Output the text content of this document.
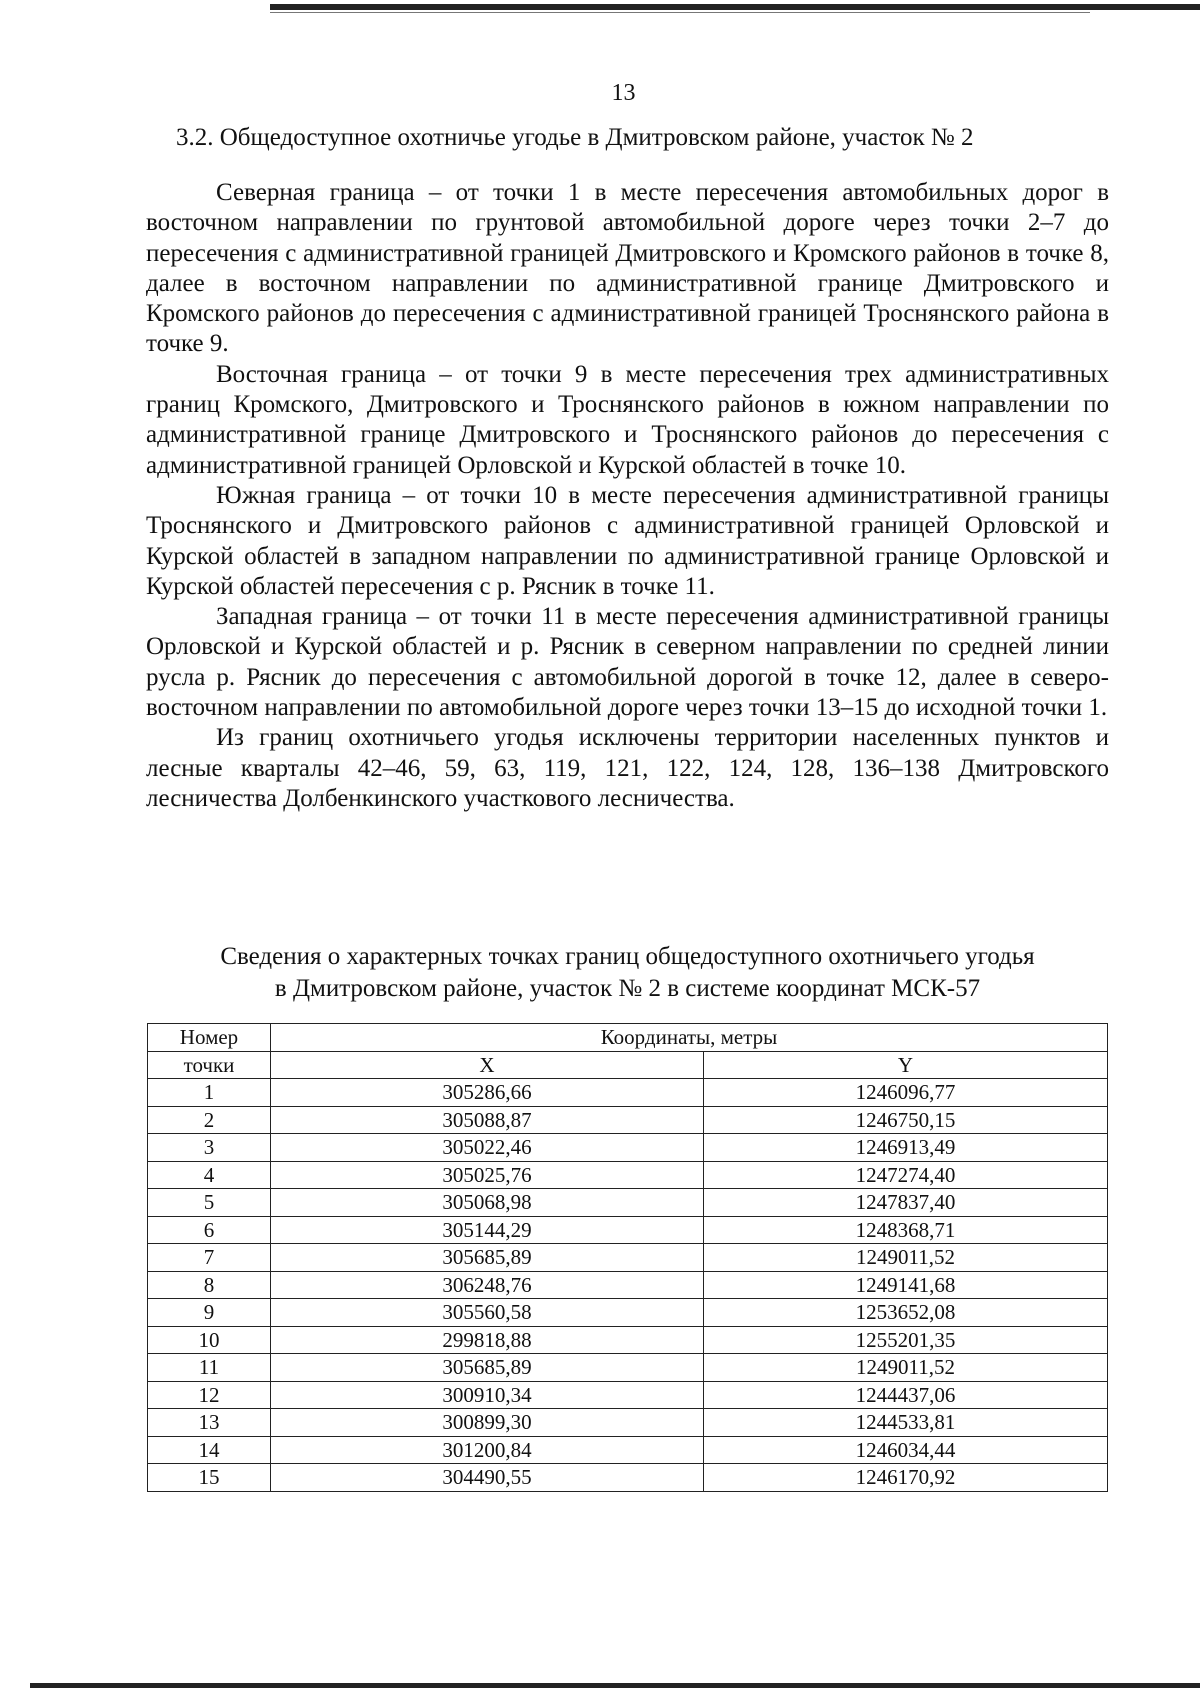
13
3.2. Общедоступное охотничье угодье в Дмитровском районе, участок № 2

Северная граница – от точки 1 в месте пересечения автомобильных дорог в восточном направлении по грунтовой автомобильной дороге через точки 2–7 до пересечения с административной границей Дмитровского и Кромского районов в точке 8, далее в восточном направлении по административной границе Дмитровского и Кромского районов до пересечения с административной границей Троснянского района в точке 9.

Восточная граница – от точки 9 в месте пересечения трех административных границ Кромского, Дмитровского и Троснянского районов в южном направлении по административной границе Дмитровского и Троснянского районов до пересечения с административной границей Орловской и Курской областей в точке 10.

Южная граница – от точки 10 в месте пересечения административной границы Троснянского и Дмитровского районов с административной границей Орловской и Курской областей в западном направлении по административной границе Орловской и Курской областей пересечения с р. Рясник в точке 11.

Западная граница – от точки 11 в месте пересечения административной границы Орловской и Курской областей и р. Рясник в северном направлении по средней линии русла р. Рясник до пересечения с автомобильной дорогой в точке 12, далее в северо-восточном направлении по автомобильной дороге через точки 13–15 до исходной точки 1.

Из границ охотничьего угодья исключены территории населенных пунктов и лесные кварталы 42–46, 59, 63, 119, 121, 122, 124, 128, 136–138 Дмитровского лесничества Долбенкинского участкового лесничества.

Сведения о характерных точках границ общедоступного охотничьего угодья
в Дмитровском районе, участок № 2 в системе координат МСК-57
Номер	Координаты, метры	
точки	X	Y
1	305286,66	1246096,77
2	305088,87	1246750,15
3	305022,46	1246913,49
4	305025,76	1247274,40
5	305068,98	1247837,40
6	305144,29	1248368,71
7	305685,89	1249011,52
8	306248,76	1249141,68
9	305560,58	1253652,08
10	299818,88	1255201,35
11	305685,89	1249011,52
12	300910,34	1244437,06
13	300899,30	1244533,81
14	301200,84	1246034,44
15	304490,55	1246170,92
